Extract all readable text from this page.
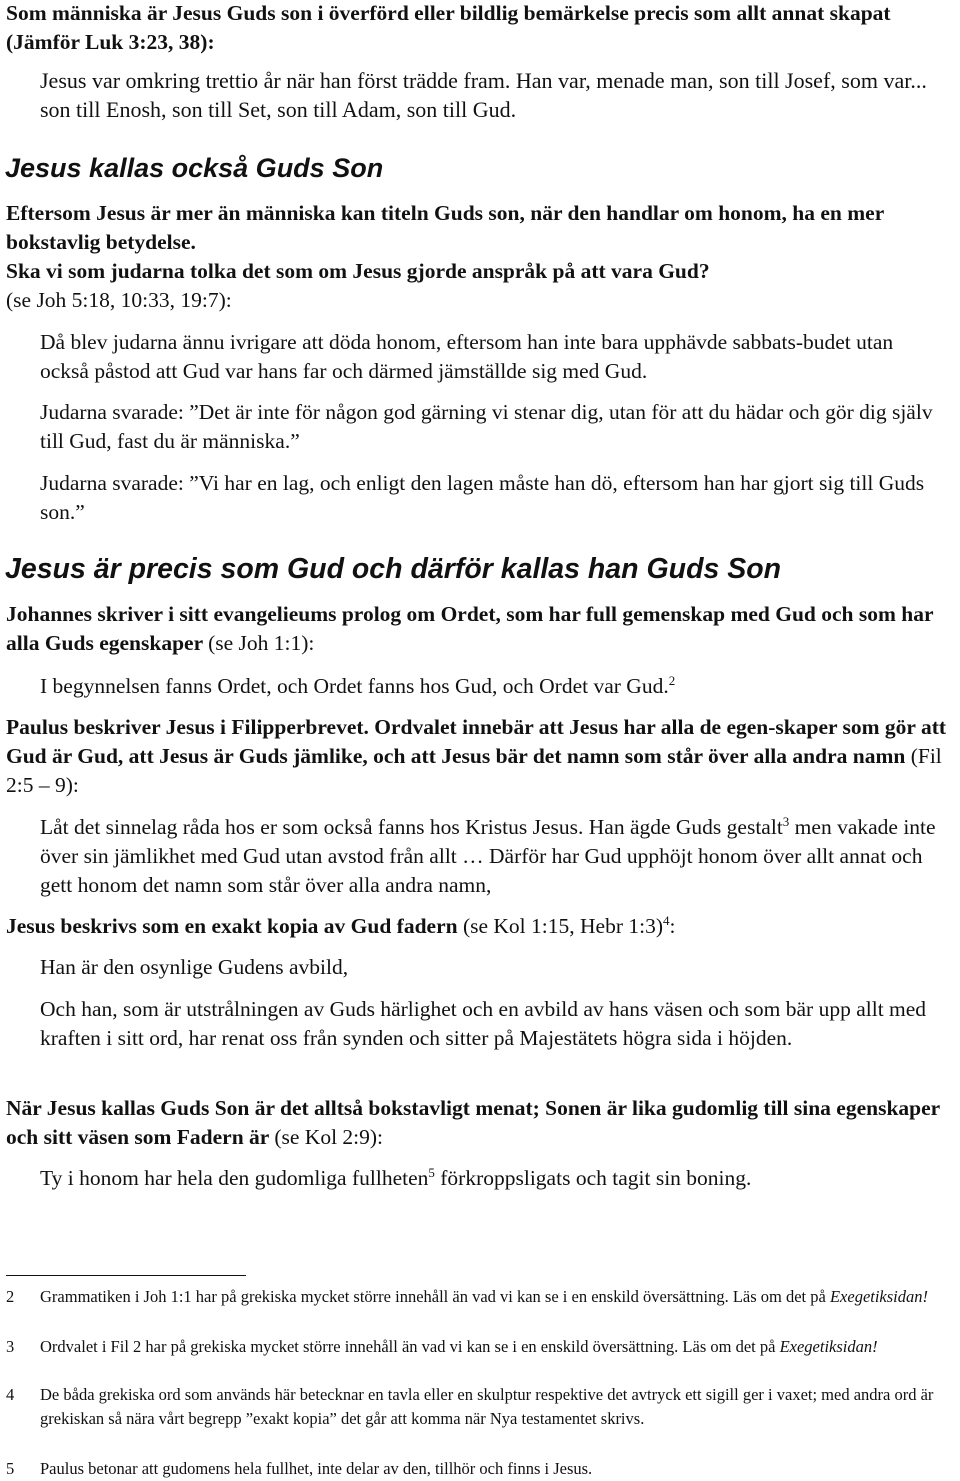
Som människa är Jesus Guds son i överförd eller bildlig bemärkelse precis som allt annat skapat (Jämför Luk 3:23, 38):

Jesus var omkring trettio år när han först trädde fram. Han var, menade man, son till Josef, som var... son till Enosh, son till Set, son till Adam, son till Gud.

Jesus kallas också Guds Son

Eftersom Jesus är mer än människa kan titeln Guds son, när den handlar om honom, ha en mer bokstavlig betydelse.

Ska vi som judarna tolka det som om Jesus gjorde anspråk på att vara Gud?
(se Joh 5:18, 10:33, 19:7):

Då blev judarna ännu ivrigare att döda honom, eftersom han inte bara upphävde sabbats-budet utan också påstod att Gud var hans far och därmed jämställde sig med Gud.

Judarna svarade: ”Det är inte för någon god gärning vi stenar dig, utan för att du hädar och gör dig själv till Gud, fast du är människa.”

Judarna svarade: ”Vi har en lag, och enligt den lagen måste han dö, eftersom han har gjort sig till Guds son.”

Jesus är precis som Gud och därför kallas han Guds Son

Johannes skriver i sitt evangelieums prolog om Ordet, som har full gemenskap med Gud och som har alla Guds egenskaper (se Joh 1:1):

I begynnelsen fanns Ordet, och Ordet fanns hos Gud, och Ordet var Gud.$^2$

Paulus beskriver Jesus i Filipperbrevet. Ordvalet innebär att Jesus har alla de egen-skaper som gör att Gud är Gud, att Jesus är Guds jämlike, och att Jesus bär det namn som står över alla andra namn (Fil 2:5 – 9):

Låt det sinnelag råda hos er som också fanns hos Kristus Jesus. Han ägde Guds gestalt$^3$ men vakade inte över sin jämlikhet med Gud utan avstod från allt … Därför har Gud upphöjt honom över allt annat och gett honom det namn som står över alla andra namn,

Jesus beskrivs som en exakt kopia av Gud fadern (se Kol 1:15, Hebr 1:3)$^4$:

Han är den osynlige Gudens avbild,

Och han, som är utstrålningen av Guds härlighet och en avbild av hans väsen och som bär upp allt med kraften i sitt ord, har renat oss från synden och sitter på Majestätets högra sida i höjden.

När Jesus kallas Guds Son är det alltså bokstavligt menat; Sonen är lika gudomlig till sina egenskaper och sitt väsen som Fadern är (se Kol 2:9):

Ty i honom har hela den gudomliga fullheten$^5$ förkroppsligats och tagit sin boning.

2 Grammatiken i Joh 1:1 har på grekiska mycket större innehåll än vad vi kan se i en enskild översättning. Läs om det på Exegetiksidan!
3 Ordvalet i Fil 2 har på grekiska mycket större innehåll än vad vi kan se i en enskild översättning. Läs om det på Exegetiksidan!
4 De båda grekiska ord som används här betecknar en tavla eller en skulptur respektive det avtryck ett sigill ger i vaxet; med andra ord är grekiskan så nära vårt begrepp ”exakt kopia” det går att komma när Nya testamentet skrivs.
5 Paulus betonar att gudomens hela fullhet, inte delar av den, tillhör och finns i Jesus.
